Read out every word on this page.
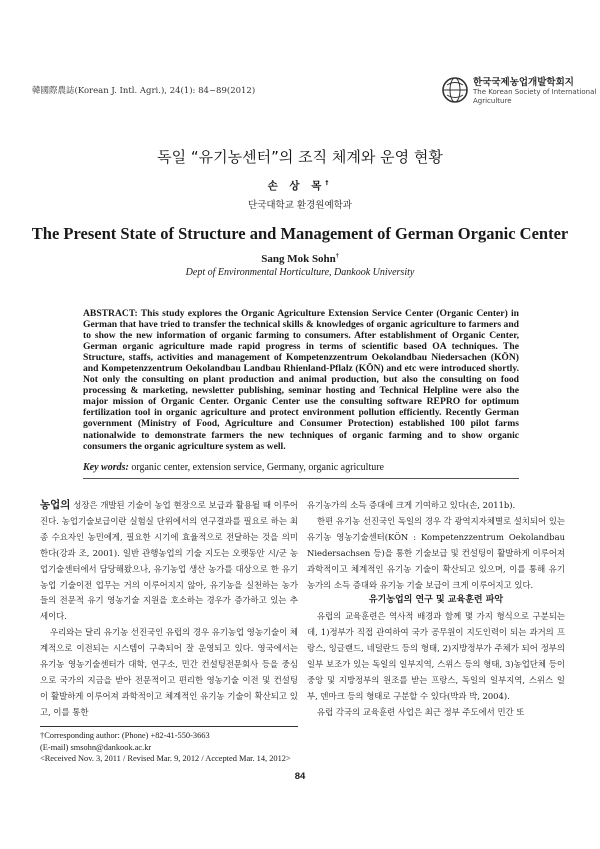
韓國際農誌(Korean J. Intl. Agri.), 24(1): 84~89(2012)
한국국제농업개발학회지
The Korean Society of International
Agriculture
독일 “유기농센터”의 조직 체계와 운영 현황
손 상 목†
단국대학교 환경원예학과
The Present State of Structure and Management of German Organic Center
Sang Mok Sohn†
Dept of Environmental Horticulture, Dankook University

ABSTRACT: This study explores the Organic Agriculture Extension Service Center (Organic Center) in German that have tried to transfer the technical skills & knowledges of organic agriculture to farmers and to show the new information of organic farming to consumers. After establishment of Organic Center, German organic agriculture made rapid progress in terms of scientific based OA techniques. The Structure, staffs, activities and management of Kompetenzzentrum Oekolandbau Niedersachen (KÖN) and Kompetenzzentrum Oekolandbau Landbau Rhienland-Pflalz (KÖN) and etc were introduced shortly. Not only the consulting on plant production and animal production, but also the consulting on food processing & marketing, newsletter publishing, seminar hosting and Technical Helpline were also the major mission of Organic Center. Organic Center use the consulting software REPRO for optimum fertilization tool in organic agriculture and protect environment pollution efficiently. Recently German government (Ministry of Food, Agriculture and Consumer Protection) established 100 pilot farms nationalwide to demonstrate farmers the new techniques of organic farming and to show organic consumers the organic agriculture system as well.

Key words: organic center, extension service, Germany, organic agriculture

농업의 성장은 개발된 기술이 농업 현장으로 보급과 활용될 때 이루어진다. 농업기술보급이란 실험실 단위에서의 연구결과를 필요로 하는 최종 수요자인 농민에게, 필요한 시기에 효율적으로 전달하는 것을 의미한다(강과 조, 2001). 일반 관행농업의 기술 지도는 오랫동안 시/군 농업기술센터에서 담당해왔으나, 유기농업 생산 농가를 대상으로 한 유기농업 기술이전 업무는 거의 이루어지지 않아, 유기농을 실천하는 농가들의 전문적 유기 영농기술 지원을 호소하는 경우가 증가하고 있는 추세이다.

우리와는 달리 유기농 선진국인 유럽의 경우 유기농업 영농기술이 체계적으로 이전되는 시스템이 구축되어 잘 운영되고 있다. 영국에서는 유기농 영농기술센터가 대학, 연구소, 민간 컨설팅전문회사 등을 중심으로 국가의 지금을 받아 전문적이고 편리한 영농기술 이전 및 컨설팅이 활발하게 이루어져 과학적이고 체계적인 유기농 기술이 확산되고 있고, 이를 통한

†Corresponding author: (Phone) +82-41-550-3663
(E-mail) smsohn@dankook.ac.kr
<Received Nov. 3, 2011 / Revised Mar. 9, 2012 / Accepted Mar. 14, 2012>

유기농가의 소득 증대에 크게 기여하고 있다(손, 2011b).

한편 유기농 선진국인 독일의 경우 각 광역지자체별로 설치되어 있는 유기농 영농기술센터(KÖN : Kompetenzzentrum Oekolandbau Niedersachsen 등)을 통한 기술보급 및 컨설팅이 활발하게 이루어져 과학적이고 체계적인 유기농 기술이 확산되고 있으며, 이를 통해 유기농가의 소득 증대와 유기농 기술 보급이 크게 이루어지고 있다.

유기농업의 연구 및 교육훈련 파악

유럽의 교육훈련은 역사적 배경과 함께 몇 가지 형식으로 구분되는데, 1)정부가 직접 관여하여 국가 공무원이 지도인력이 되는 과거의 프랑스, 잉글랜드, 네덜란드 등의 형태, 2)지방정부가 주체가 되어 정부의 일부 보조가 있는 독일의 일부지역, 스위스 등의 형태, 3)농업단체 등이 중앙 및 지방정부의 원조를 받는 프랑스, 독일의 일부지역, 스위스 일부, 덴마크 등의 형태로 구분할 수 있다(박과 박, 2004).

유럽 각국의 교육훈련 사업은 최근 정부 주도에서 민간 또

84
